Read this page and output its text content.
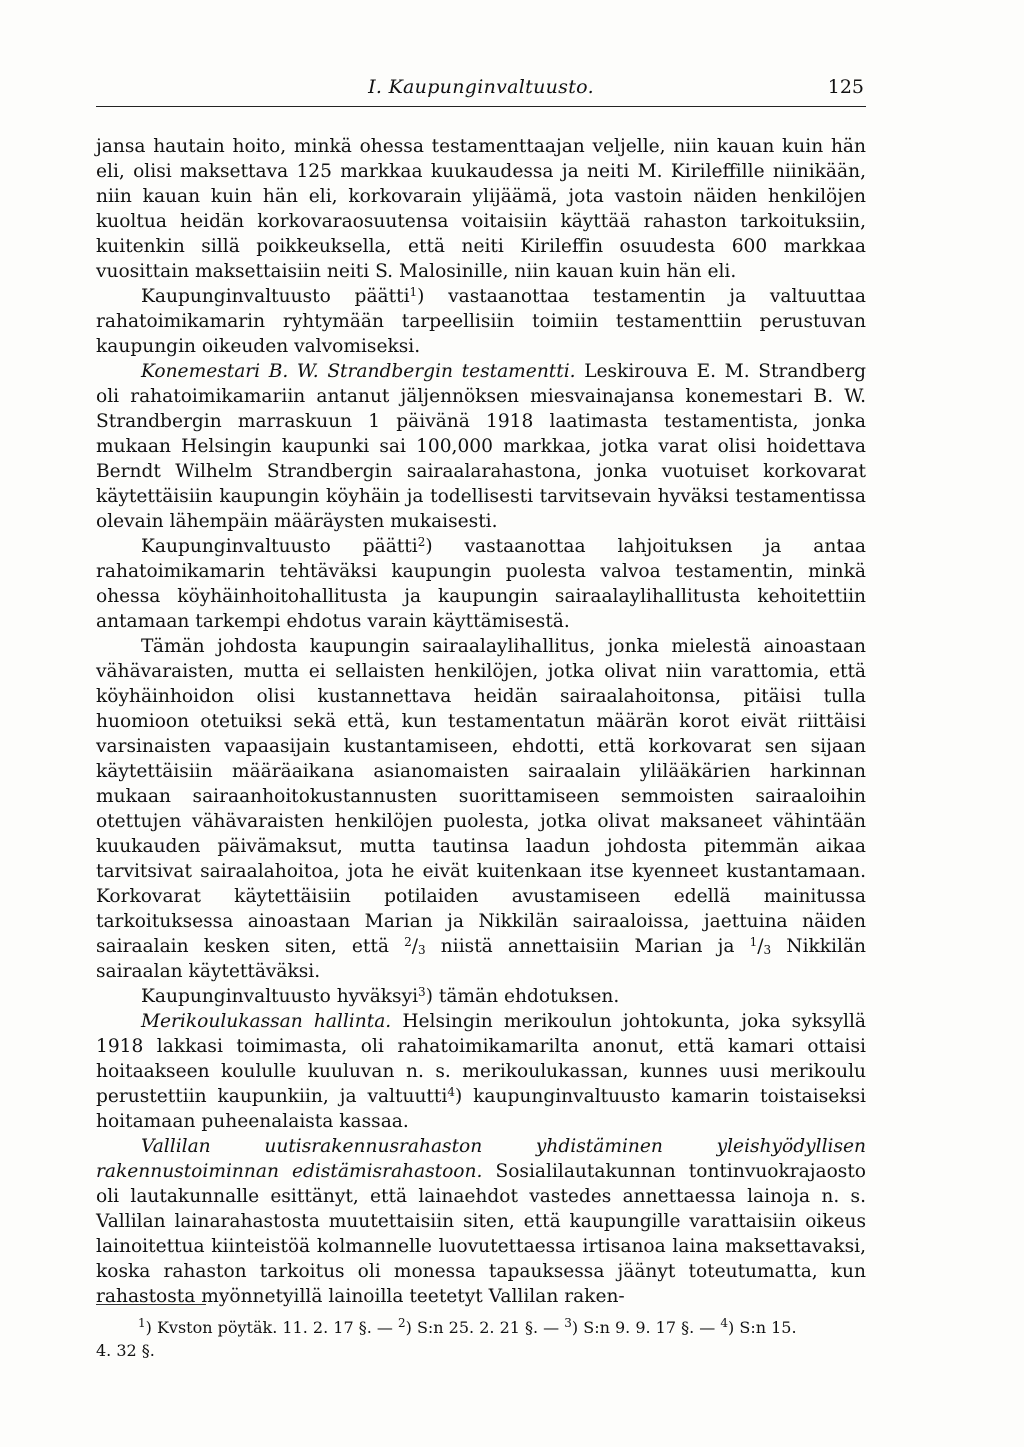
I. Kaupunginvaltuusto.	125

jansa hautain hoito, minkä ohessa testamenttaajan veljelle, niin kauan kuin hän eli, olisi maksettava 125 markkaa kuukaudessa ja neiti M. Kirileffille niinikään, niin kauan kuin hän eli, korkovarain ylijäämä, jota vastoin näiden henkilöjen kuoltua heidän korkovaraosuutensa voitaisiin käyttää rahaston tarkoituksiin, kuitenkin sillä poikkeuksella, että neiti Kirileffin osuudesta 600 markkaa vuosittain maksettaisiin neiti S. Malosinille, niin kauan kuin hän eli.

Kaupunginvaltuusto päätti$^1$) vastaanottaa testamentin ja valtuuttaa rahatoimikamarin ryhtymään tarpeellisiin toimiin testamenttiin perustuvan kaupungin oikeuden valvomiseksi.

Konemestari B. W. Strandbergin testamentti. Leskirouva E. M. Strandberg oli rahatoimikamariin antanut jäljennöksen miesvainajansa konemestari B. W. Strandbergin marraskuun 1 päivänä 1918 laatimasta testamentista, jonka mukaan Helsingin kaupunki sai 100,000 markkaa, jotka varat olisi hoidettava Berndt Wilhelm Strandbergin sairaalarahastona, jonka vuotuiset korkovarat käytettäisiin kaupungin köyhäin ja todellisesti tarvitsevain hyväksi testamentissa olevain lähempäin määräysten mukaisesti.

Kaupunginvaltuusto päätti$^2$) vastaanottaa lahjoituksen ja antaa rahatoimikamarin tehtäväksi kaupungin puolesta valvoa testamentin, minkä ohessa köyhäinhoitohallitusta ja kaupungin sairaalaylihallitusta kehoitettiin antamaan tarkempi ehdotus varain käyttämisestä.

Tämän johdosta kaupungin sairaalaylihallitus, jonka mielestä ainoastaan vähävaraisten, mutta ei sellaisten henkilöjen, jotka olivat niin varattomia, että köyhäinhoidon olisi kustannettava heidän sairaalahoitonsa, pitäisi tulla huomioon otetuiksi sekä että, kun testamentatun määrän korot eivät riittäisi varsinaisten vapaasijain kustantamiseen, ehdotti, että korkovarat sen sijaan käytettäisiin määräaikana asianomaisten sairaalain ylilääkärien harkinnan mukaan sairaanhoitokustannusten suorittamiseen semmoisten sairaaloihin otettujen vähävaraisten henkilöjen puolesta, jotka olivat maksaneet vähintään kuukauden päivämaksut, mutta tautinsa laadun johdosta pitemmän aikaa tarvitsivat sairaalahoitoa, jota he eivät kuitenkaan itse kyenneet kustantamaan. Korkovarat käytettäisiin potilaiden avustamiseen edellä mainitussa tarkoituksessa ainoastaan Marian ja Nikkilän sairaaloissa, jaettuina näiden sairaalain kesken siten, että $^2/_3$ niistä annettaisiin Marian ja $^1/_3$ Nikkilän sairaalan käytettäväksi.

Kaupunginvaltuusto hyväksyi$^3$) tämän ehdotuksen.

Merikoulukassan hallinta. Helsingin merikoulun johtokunta, joka syksyllä 1918 lakkasi toimimasta, oli rahatoimikamarilta anonut, että kamari ottaisi hoitaakseen koululle kuuluvan n. s. merikoulukassan, kunnes uusi merikoulu perustettiin kaupunkiin, ja valtuutti$^4$) kaupunginvaltuusto kamarin toistaiseksi hoitamaan puheenalaista kassaa.

Vallilan uutisrakennusrahaston yhdistäminen yleishyödyllisen rakennustoiminnan edistämisrahastoon. Sosialilautakunnan tontinvuokrajaosto oli lautakunnalle esittänyt, että lainaehdot vastedes annettaessa lainoja n. s. Vallilan lainarahastosta muutettaisiin siten, että kaupungille varattaisiin oikeus lainoitettua kiinteistöä kolmannelle luovutettaessa irtisanoa laina maksettavaksi, koska rahaston tarkoitus oli monessa tapauksessa jäänyt toteutumatta, kun rahastosta myönnetyillä lainoilla teetetyt Vallilan raken-

$^1$) Kvston pöytäk. 11. 2. 17 §. — $^2$) S:n 25. 2. 21 §. — $^3$) S:n 9. 9. 17 §. — $^4$) S:n 15.
4. 32 §.
